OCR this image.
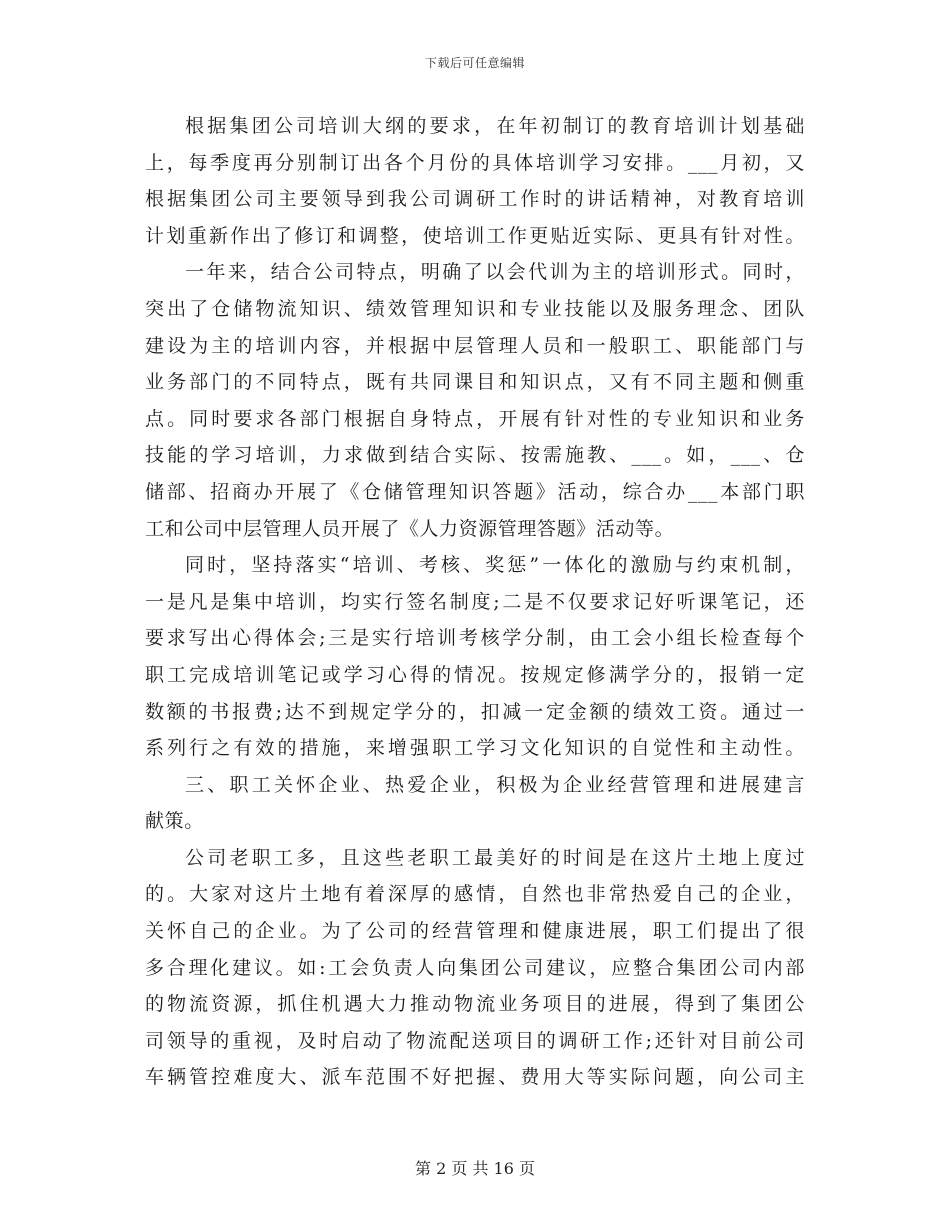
下载后可任意编辑
根据集团公司培训大纲的要求，在年初制订的教育培训计划基础
上，每季度再分别制订出各个月份的具体培训学习安排。___月初，又
根据集团公司主要领导到我公司调研工作时的讲话精神，对教育培训
计划重新作出了修订和调整，使培训工作更贴近实际、更具有针对性。
一年来，结合公司特点，明确了以会代训为主的培训形式。同时，
突出了仓储物流知识、绩效管理知识和专业技能以及服务理念、团队
建设为主的培训内容，并根据中层管理人员和一般职工、职能部门与
业务部门的不同特点，既有共同课目和知识点，又有不同主题和侧重
点。同时要求各部门根据自身特点，开展有针对性的专业知识和业务
技能的学习培训，力求做到结合实际、按需施教、___。如，___、仓
储部、招商办开展了《仓储管理知识答题》活动，综合办___本部门职
工和公司中层管理人员开展了《人力资源管理答题》活动等。
同时，坚持落实“培训、考核、奖惩”一体化的激励与约束机制，
一是凡是集中培训，均实行签名制度;二是不仅要求记好听课笔记，还
要求写出心得体会;三是实行培训考核学分制，由工会小组长检查每个
职工完成培训笔记或学习心得的情况。按规定修满学分的，报销一定
数额的书报费;达不到规定学分的，扣减一定金额的绩效工资。通过一
系列行之有效的措施，来增强职工学习文化知识的自觉性和主动性。
三、职工关怀企业、热爱企业，积极为企业经营管理和进展建言
献策。
公司老职工多，且这些老职工最美好的时间是在这片土地上度过
的。大家对这片土地有着深厚的感情，自然也非常热爱自己的企业，
关怀自己的企业。为了公司的经营管理和健康进展，职工们提出了很
多合理化建议。如:工会负责人向集团公司建议，应整合集团公司内部
的物流资源，抓住机遇大力推动物流业务项目的进展，得到了集团公
司领导的重视，及时启动了物流配送项目的调研工作;还针对目前公司
车辆管控难度大、派车范围不好把握、费用大等实际问题，向公司主
第 2 页 共 16 页
